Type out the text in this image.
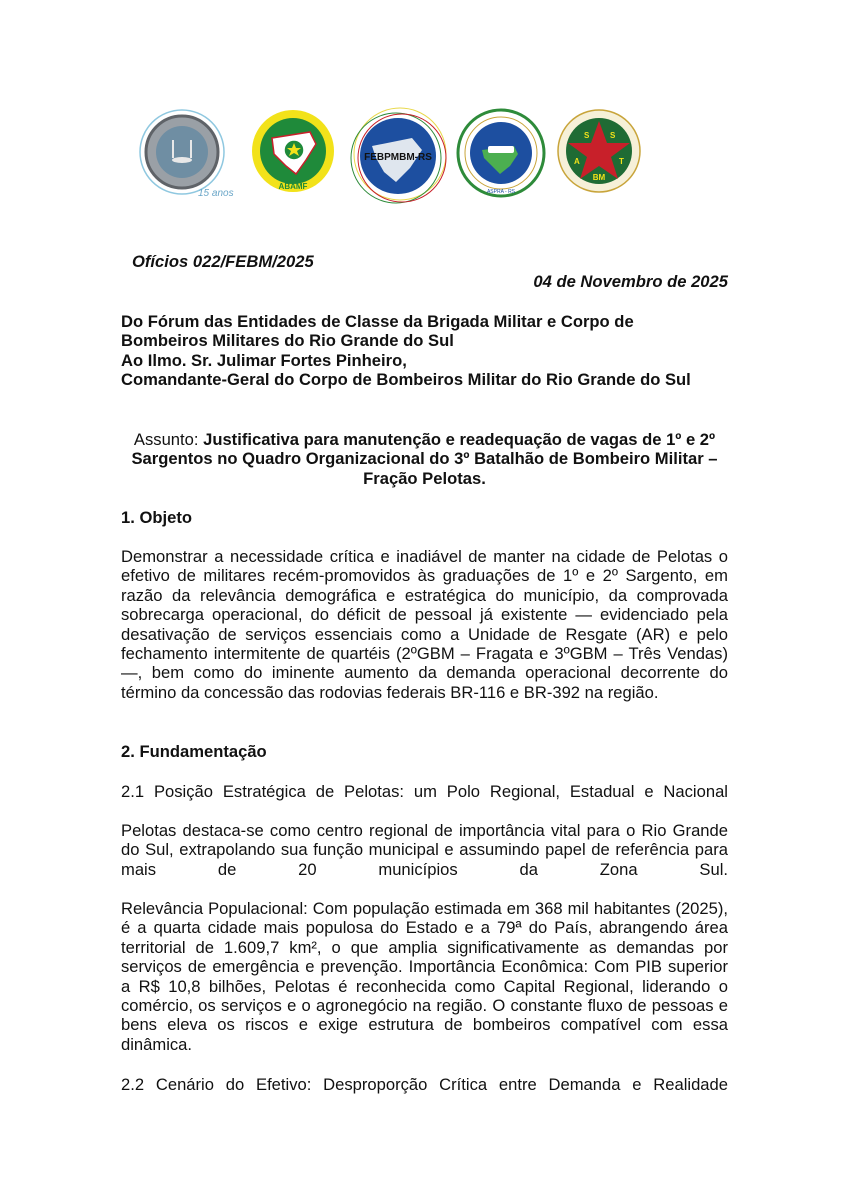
15 anos
ABAMF
FEBPMBM-RS
ASPRA - RS
S	S
A	T
BM
Ofícios 022/FEBM/2025
04 de Novembro de 2025
Do Fórum das Entidades de Classe da Brigada Militar e Corpo de
Bombeiros Militares do Rio Grande do Sul
Ao Ilmo. Sr. Julimar Fortes Pinheiro,
Comandante-Geral do Corpo de Bombeiros Militar do Rio Grande do Sul
Assunto: Justificativa para manutenção e readequação de vagas de 1º e 2º Sargentos no Quadro Organizacional do 3º Batalhão de Bombeiro Militar – Fração Pelotas.
1. Objeto
Demonstrar a necessidade crítica e inadiável de manter na cidade de Pelotas o efetivo de militares recém-promovidos às graduações de 1º e 2º Sargento, em razão da relevância demográfica e estratégica do município, da comprovada sobrecarga operacional, do déficit de pessoal já existente — evidenciado pela desativação de serviços essenciais como a Unidade de Resgate (AR) e pelo fechamento intermitente de quartéis (2ºGBM – Fragata e 3ºGBM – Três Vendas) —, bem como do iminente aumento da demanda operacional decorrente do término da concessão das rodovias federais BR-116 e BR-392 na região.
2. Fundamentação
2.1 Posição Estratégica de Pelotas: um Polo Regional, Estadual e Nacional
Pelotas destaca-se como centro regional de importância vital para o Rio Grande do Sul, extrapolando sua função municipal e assumindo papel de referência para mais de 20 municípios da Zona Sul.
Relevância Populacional: Com população estimada em 368 mil habitantes (2025), é a quarta cidade mais populosa do Estado e a 79ª do País, abrangendo área territorial de 1.609,7 km², o que amplia significativamente as demandas por serviços de emergência e prevenção. Importância Econômica: Com PIB superior a R$ 10,8 bilhões, Pelotas é reconhecida como Capital Regional, liderando o comércio, os serviços e o agronegócio na região. O constante fluxo de pessoas e bens eleva os riscos e exige estrutura de bombeiros compatível com essa dinâmica.
2.2 Cenário do Efetivo: Desproporção Crítica entre Demanda e Realidade
